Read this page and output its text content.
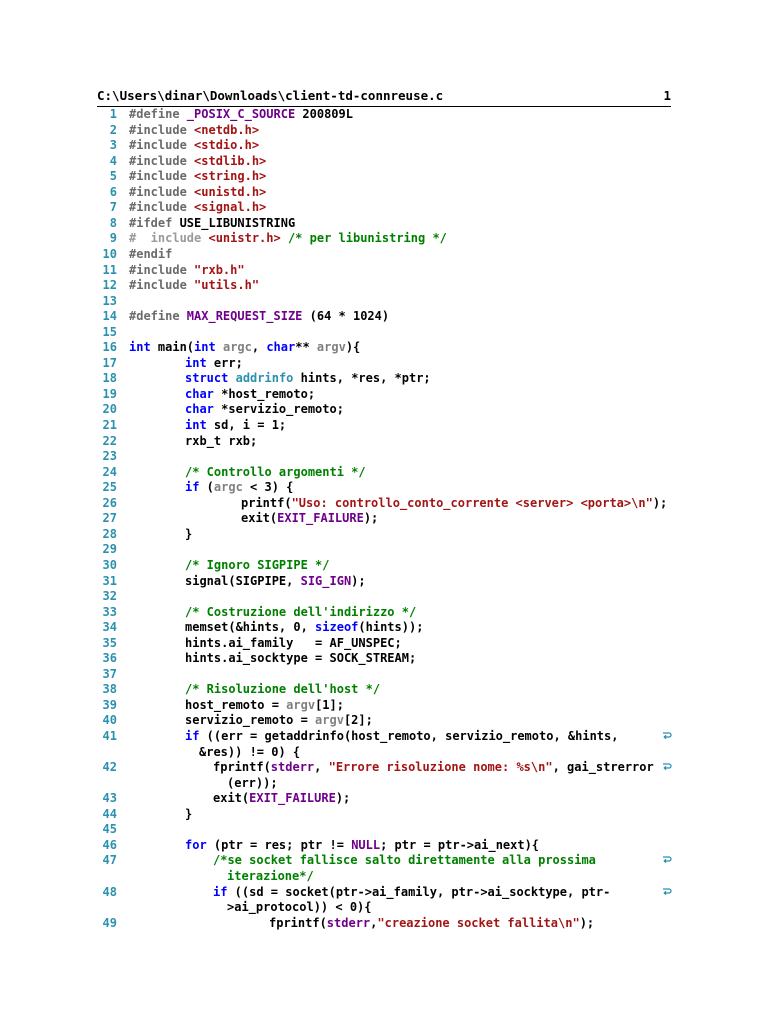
C:\Users\dinar\Downloads\client-td-connreuse.c	1
1 #define _POSIX_C_SOURCE 200809L
2 #include <netdb.h>
3 #include <stdio.h>
4 #include <stdlib.h>
5 #include <string.h>
6 #include <unistd.h>
7 #include <signal.h>
8 #ifdef USE_LIBUNISTRING
9 #  include <unistr.h> /* per libunistring */
10 #endif
11 #include "rxb.h"
12 #include "utils.h"
13
14 #define MAX_REQUEST_SIZE (64 * 1024)
15
16 int main(int argc, char** argv){
17	int err;
18	struct addrinfo hints, *res, *ptr;
19	char *host_remoto;
20	char *servizio_remoto;
21	int sd, i = 1;
22	rxb_t rxb;
23
24	/* Controllo argomenti */
25	if (argc < 3) {
26	printf("Uso: controllo_conto_corrente <server> <porta>\n");
27	exit(EXIT_FAILURE);
28	}
29
30	/* Ignoro SIGPIPE */
31	signal(SIGPIPE, SIG_IGN);
32
33	/* Costruzione dell'indirizzo */
34	memset(&hints, 0, sizeof(hints));
35	hints.ai_family   = AF_UNSPEC;
36	hints.ai_socktype = SOCK_STREAM;
37
38	/* Risoluzione dell'host */
39	host_remoto = argv[1];
40	servizio_remoto = argv[2];
41	if ((err = getaddrinfo(host_remoto, servizio_remoto, &hints,
&res)) != 0) {
42	fprintf(stderr, "Errore risoluzione nome: %s\n", gai_strerror
(err));
43	exit(EXIT_FAILURE);
44	}
45
46	for (ptr = res; ptr != NULL; ptr = ptr->ai_next){
47	/*se socket fallisce salto direttamente alla prossima
iterazione*/
48	if ((sd = socket(ptr->ai_family, ptr->ai_socktype, ptr-
>ai_protocol)) < 0){
49	fprintf(stderr,"creazione socket fallita\n");
